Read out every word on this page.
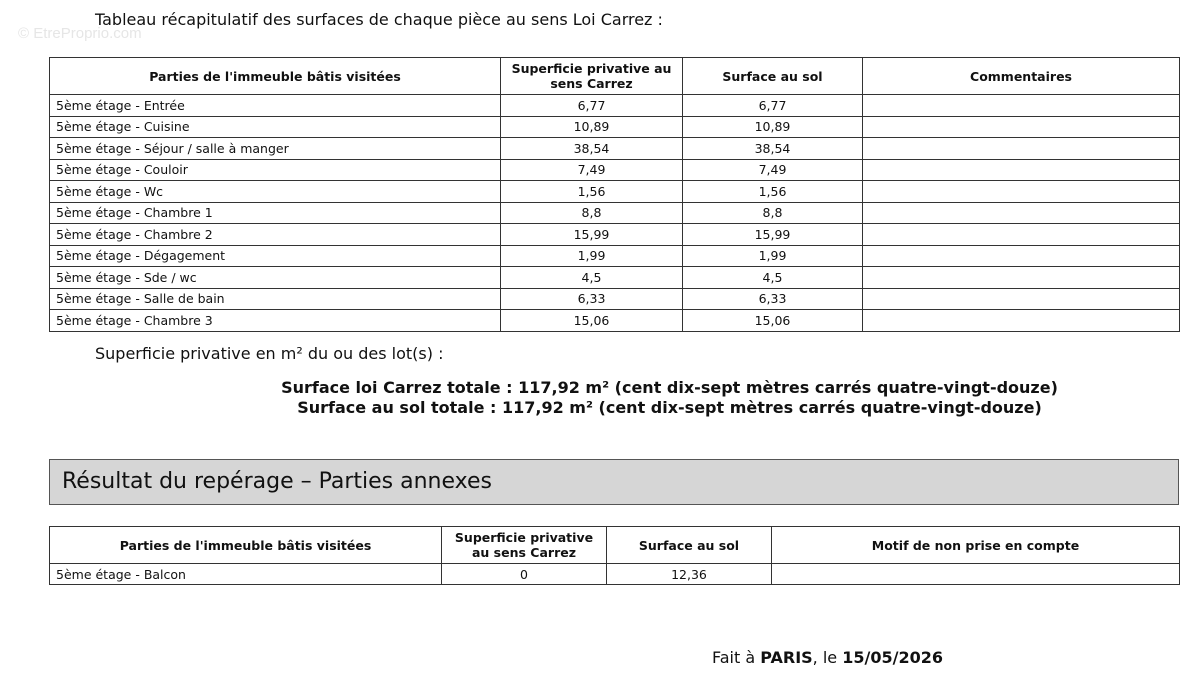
© EtreProprio.com
Tableau récapitulatif des surfaces de chaque pièce au sens Loi Carrez :
Parties de l'immeuble bâtis visitées	Superficie privative au sens Carrez	Surface au sol	Commentaires
5ème étage - Entrée	6,77	6,77	
5ème étage - Cuisine	10,89	10,89	
5ème étage - Séjour / salle à manger	38,54	38,54	
5ème étage - Couloir	7,49	7,49	
5ème étage - Wc	1,56	1,56	
5ème étage - Chambre 1	8,8	8,8	
5ème étage - Chambre 2	15,99	15,99	
5ème étage - Dégagement	1,99	1,99	
5ème étage - Sde / wc	4,5	4,5	
5ème étage - Salle de bain	6,33	6,33	
5ème étage - Chambre 3	15,06	15,06	
Superficie privative en m² du ou des lot(s) :
Surface loi Carrez totale : 117,92 m² (cent dix-sept mètres carrés quatre-vingt-douze)
Surface au sol totale : 117,92 m² (cent dix-sept mètres carrés quatre-vingt-douze)
Résultat du repérage – Parties annexes
Parties de l'immeuble bâtis visitées	Superficie privative au sens Carrez	Surface au sol	Motif de non prise en compte
5ème étage - Balcon	0	12,36	
Fait à PARIS, le 15/05/2026
